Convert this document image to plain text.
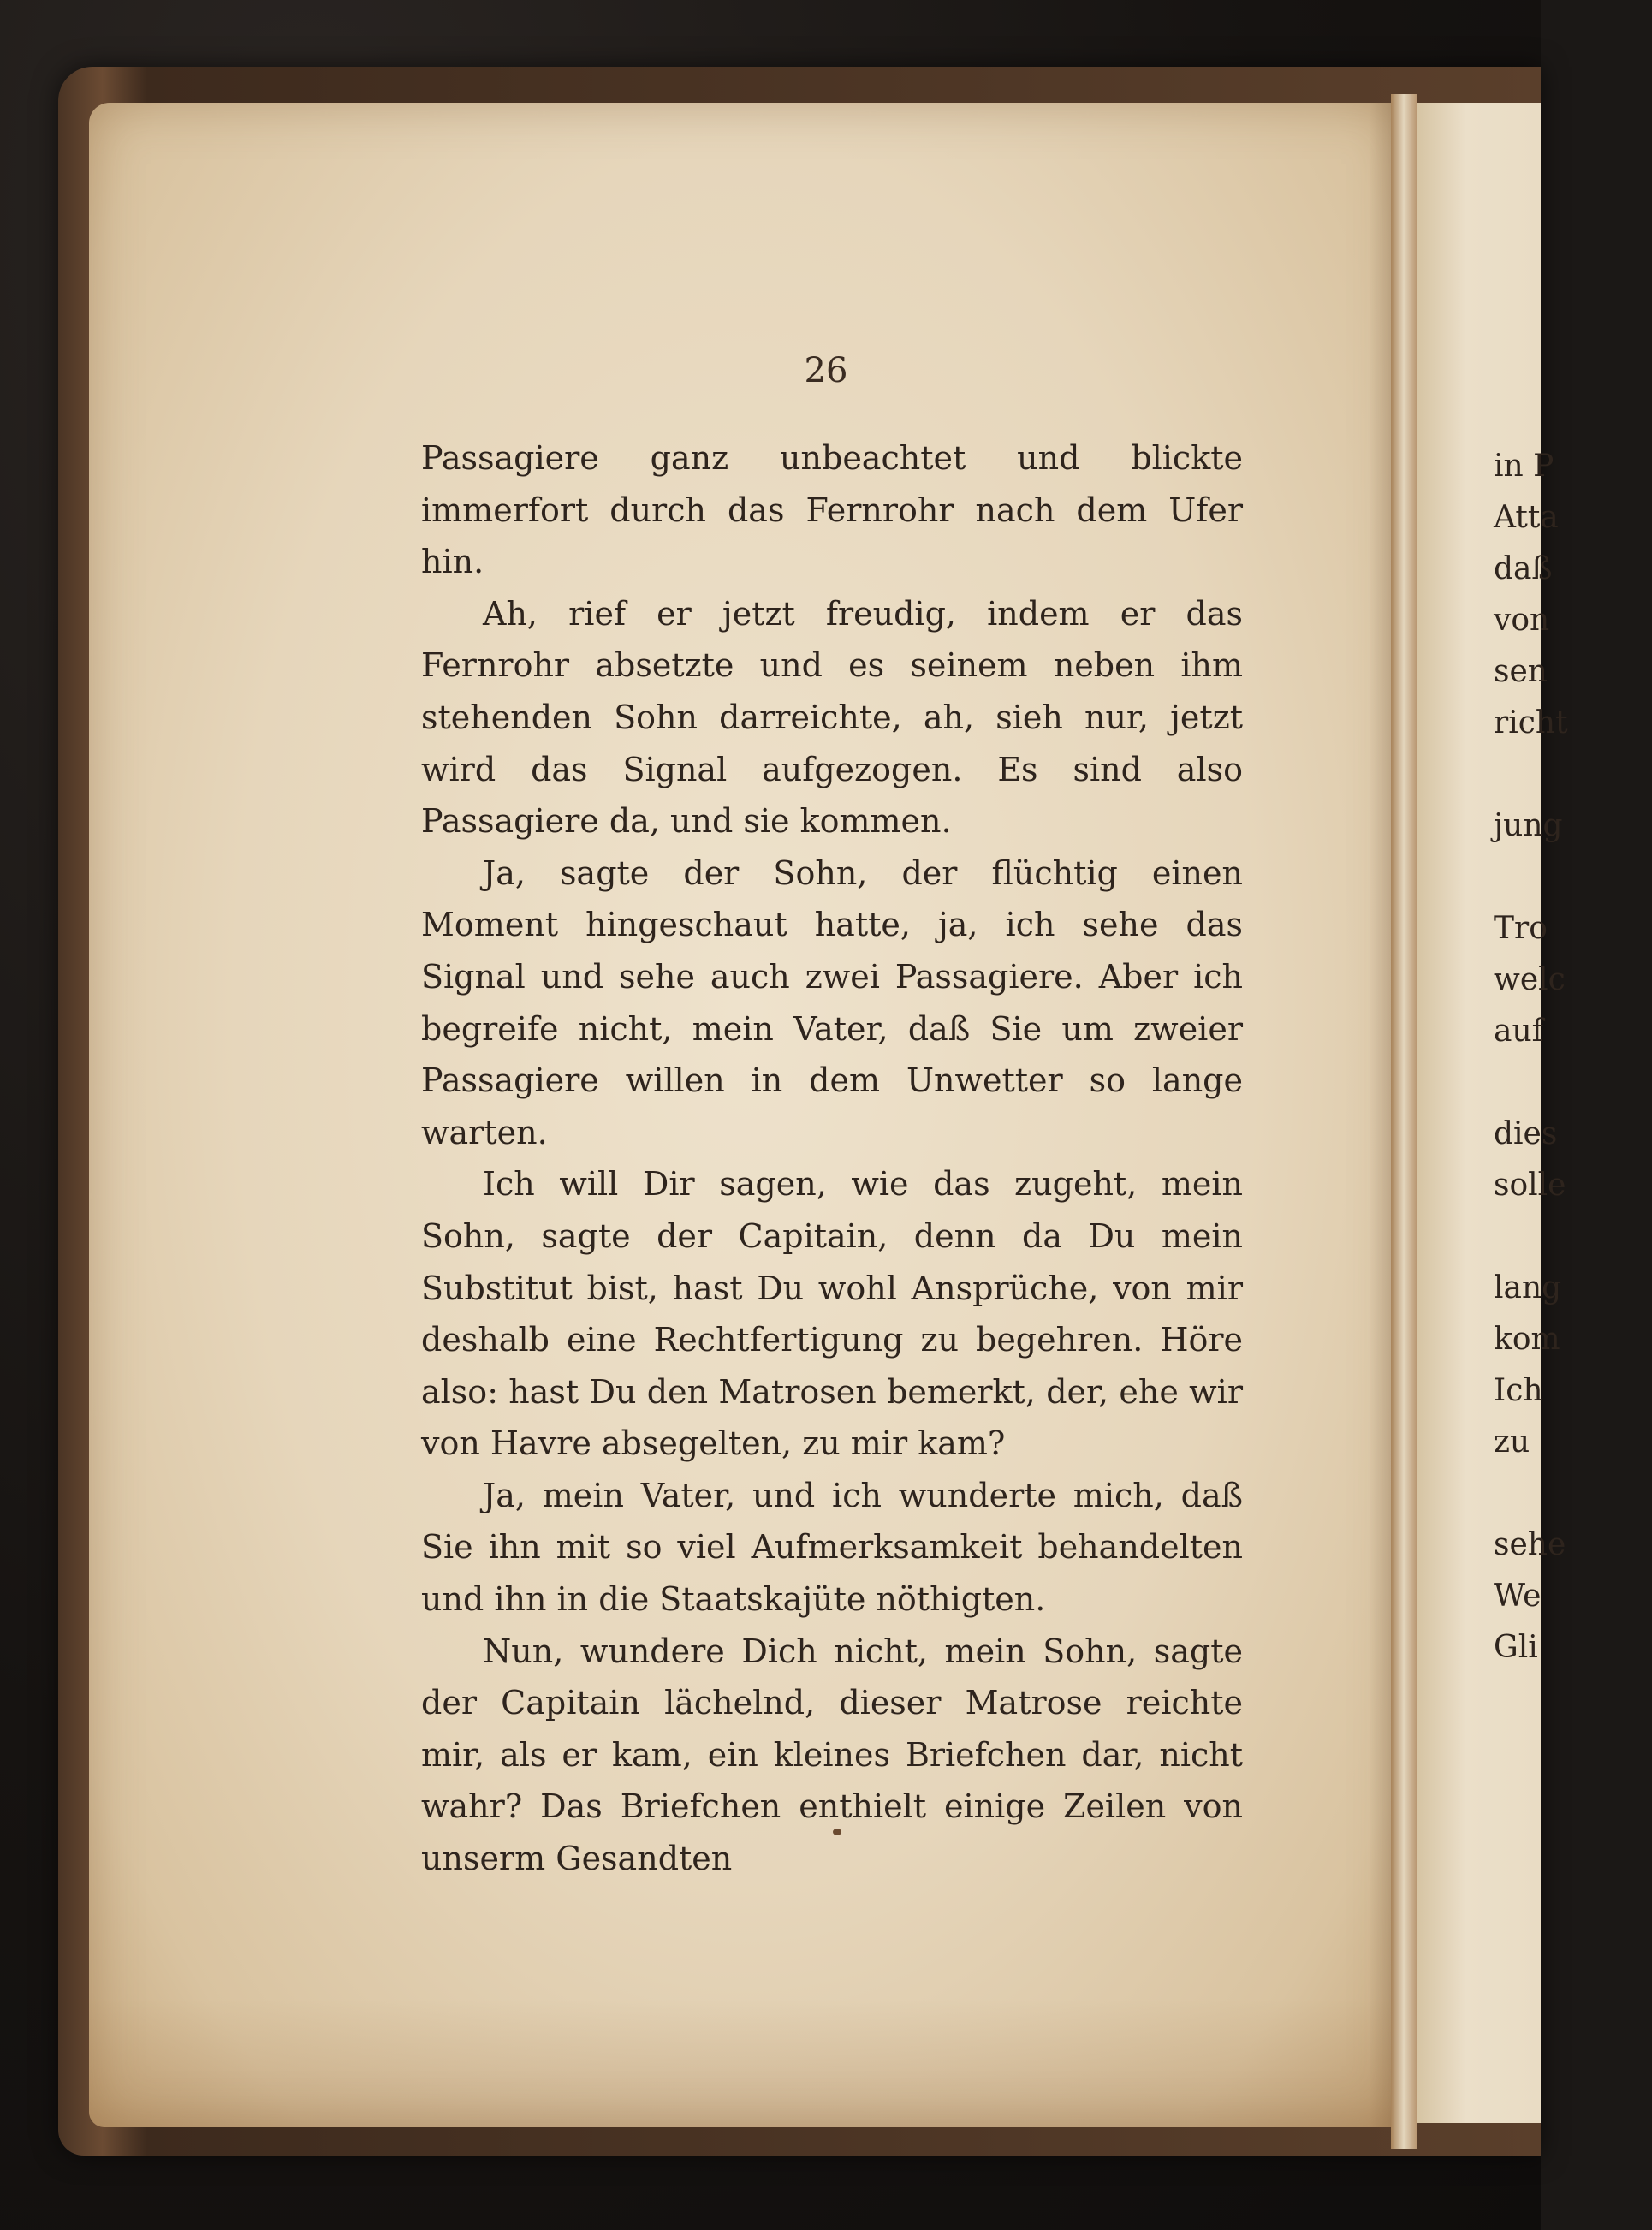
26

Passagiere ganz unbeachtet und blickte immerfort durch das Fernrohr nach dem Ufer hin.

Ah, rief er jetzt freudig, indem er das Fernrohr absetzte und es seinem neben ihm stehenden Sohn darreichte, ah, sieh nur, jetzt wird das Signal aufgezogen. Es sind also Passagiere da, und sie kommen.

Ja, sagte der Sohn, der flüchtig einen Moment hingeschaut hatte, ja, ich sehe das Signal und sehe auch zwei Passagiere. Aber ich begreife nicht, mein Vater, daß Sie um zweier Passagiere willen in dem Unwetter so lange warten.

Ich will Dir sagen, wie das zugeht, mein Sohn, sagte der Capitain, denn da Du mein Substitut bist, hast Du wohl Ansprüche, von mir deshalb eine Rechtfertigung zu begehren. Höre also: hast Du den Matrosen bemerkt, der, ehe wir von Havre absegelten, zu mir kam?

Ja, mein Vater, und ich wunderte mich, daß Sie ihn mit so viel Aufmerksamkeit behandelten und ihn in die Staatskajüte nöthigten.

Nun, wundere Dich nicht, mein Sohn, sagte der Capitain lächelnd, dieser Matrose reichte mir, als er kam, ein kleines Briefchen dar, nicht wahr? Das Briefchen enthielt einige Zeilen von unserm Gesandten

in P
Atta
daß
von
sen
richt
jung
Tro
welc
auf
dies
solle
lang
kom
Ich
zu
sehe
We
Gli
